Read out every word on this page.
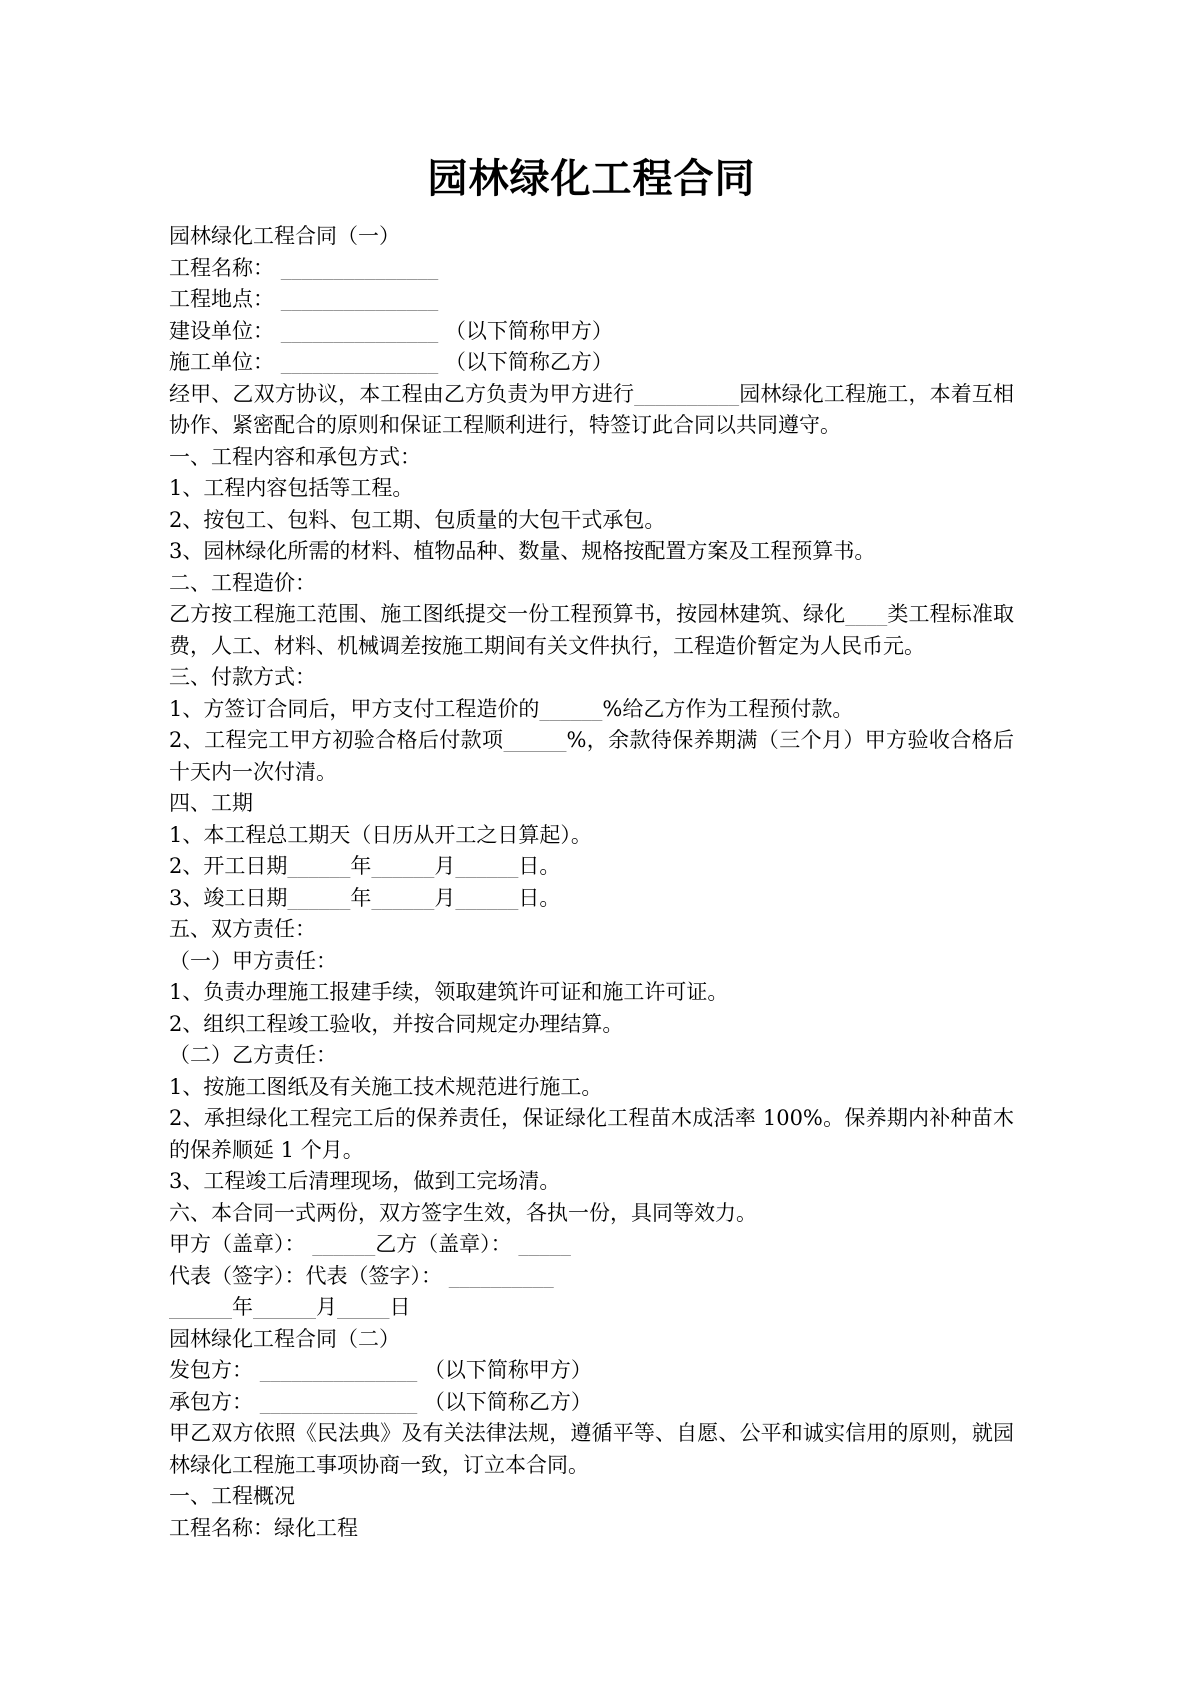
园林绿化工程合同

园林绿化工程合同（一）

工程名称： _______________

工程地点： _______________

建设单位： _______________ （以下简称甲方）

施工单位： _______________ （以下简称乙方）

经甲、乙双方协议，本工程由乙方负责为甲方进行__________园林绿化工程施工，本着互相协作、紧密配合的原则和保证工程顺利进行，特签订此合同以共同遵守。

一、工程内容和承包方式：

1、工程内容包括等工程。

2、按包工、包料、包工期、包质量的大包干式承包。

3、园林绿化所需的材料、植物品种、数量、规格按配置方案及工程预算书。

二、工程造价：

乙方按工程施工范围、施工图纸提交一份工程预算书，按园林建筑、绿化____类工程标准取费，人工、材料、机械调差按施工期间有关文件执行，工程造价暂定为人民币元。

三、付款方式：

1、方签订合同后，甲方支付工程造价的______%给乙方作为工程预付款。

2、工程完工甲方初验合格后付款项______%，余款待保养期满（三个月）甲方验收合格后十天内一次付清。

四、工期

1、本工程总工期天（日历从开工之日算起）。

2、开工日期______年______月______日。

3、竣工日期______年______月______日。

五、双方责任：

（一）甲方责任：

1、负责办理施工报建手续，领取建筑许可证和施工许可证。

2、组织工程竣工验收，并按合同规定办理结算。

（二）乙方责任：

1、按施工图纸及有关施工技术规范进行施工。

2、承担绿化工程完工后的保养责任，保证绿化工程苗木成活率 100%。保养期内补种苗木的保养顺延 1 个月。

3、工程竣工后清理现场，做到工完场清。

六、本合同一式两份，双方签字生效，各执一份，具同等效力。

甲方（盖章）： ______乙方（盖章）： _____

代表（签字）：代表（签字）： __________

______年______月_____日

园林绿化工程合同（二）

发包方： _______________ （以下简称甲方）

承包方： _______________ （以下简称乙方）

甲乙双方依照《民法典》及有关法律法规，遵循平等、自愿、公平和诚实信用的原则，就园林绿化工程施工事项协商一致，订立本合同。

一、工程概况

工程名称：绿化工程
